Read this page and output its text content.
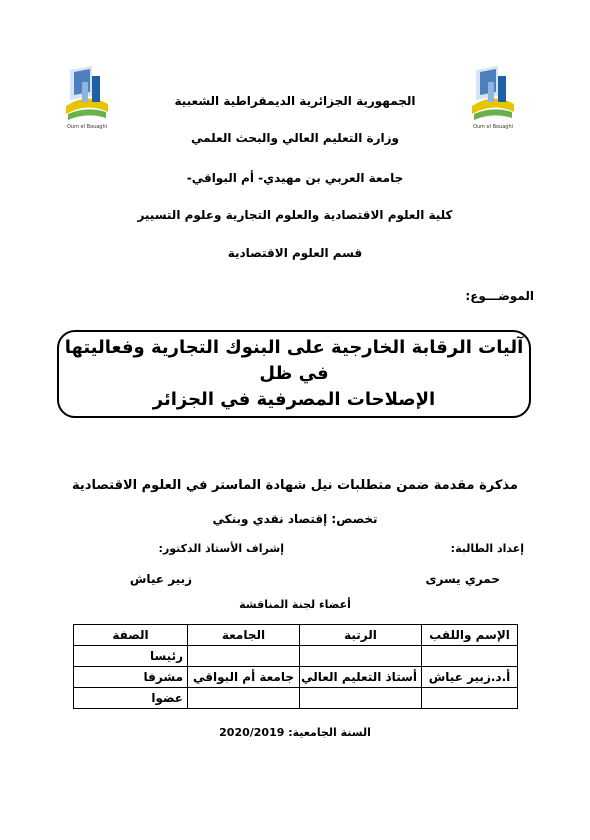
Oum el Bouaghi	Oum el Bouaghi
الجمهورية الجزائرية الديمقراطية الشعبية
وزارة التعليم العالي والبحث العلمي
جامعة العربي بن مهيدي- أم البواقي-
كلية العلوم الاقتصادية والعلوم التجارية وعلوم التسيير
قسم العلوم الاقتصادية
الموضـــوع:
آليات الرقابة الخارجية على البنوك التجارية وفعاليتها في ظل
الإصلاحات المصرفية في الجزائر
مذكرة مقدمة ضمن متطلبات نيل شهادة الماستر في العلوم الاقتصادية
تخصص: إقتصاد نقدي وبنكي
إعداد الطالبة:
إشراف الأستاذ الدكتور:
حمري يسرى
زبير عياش
أعضاء لجنة المناقشة
الإسم واللقب	الرتبة	الجامعة	الصفة
			رئيسا
أ.د.زبير عياش	أستاذ التعليم العالي	جامعة أم البواقي	مشرفا
			عضوا
السنة الجامعية: 2020/2019
